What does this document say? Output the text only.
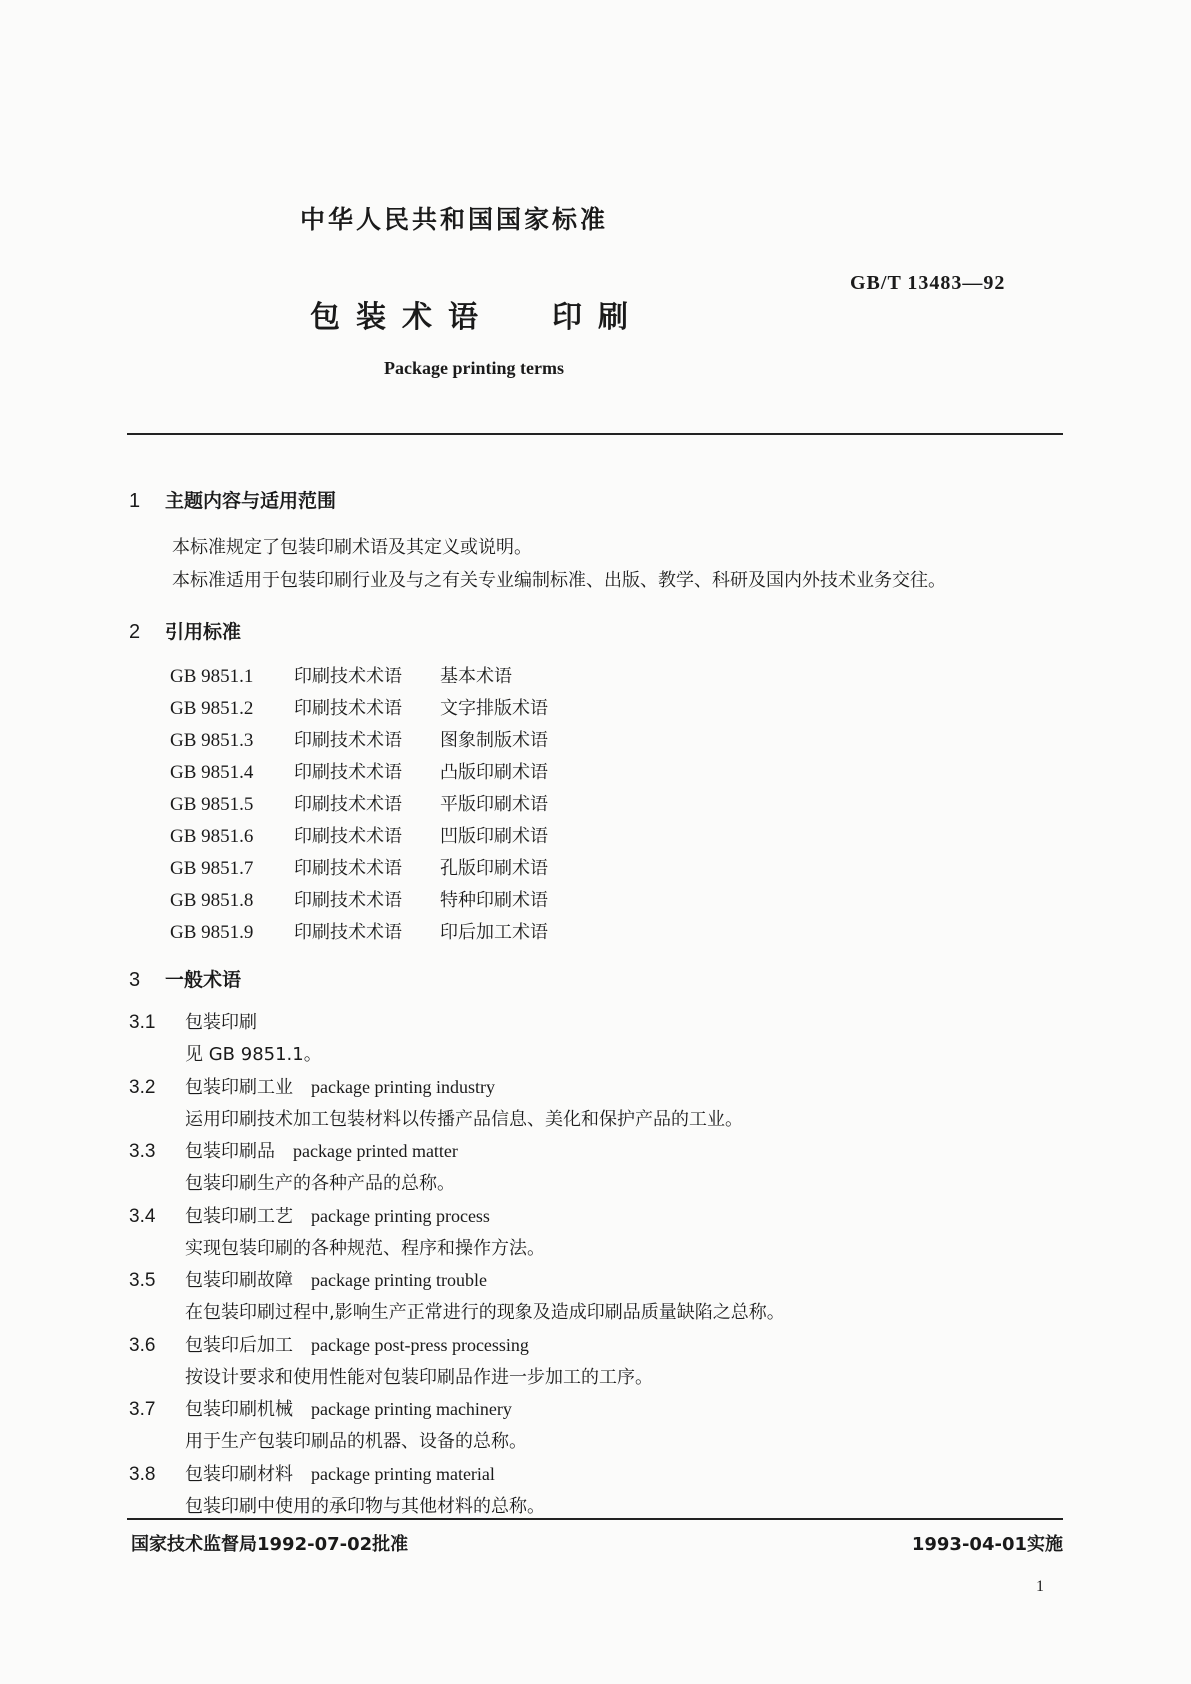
中华人民共和国国家标准
GB/T 13483—92
包装术语 印刷
Package printing terms
1 主题内容与适用范围
本标准规定了包装印刷术语及其定义或说明。
本标准适用于包装印刷行业及与之有关专业编制标准、出版、教学、科研及国内外技术业务交往。
2 引用标准
GB 9851.1 印刷技术术语 基本术语
GB 9851.2 印刷技术术语 文字排版术语
GB 9851.3 印刷技术术语 图象制版术语
GB 9851.4 印刷技术术语 凸版印刷术语
GB 9851.5 印刷技术术语 平版印刷术语
GB 9851.6 印刷技术术语 凹版印刷术语
GB 9851.7 印刷技术术语 孔版印刷术语
GB 9851.8 印刷技术术语 特种印刷术语
GB 9851.9 印刷技术术语 印后加工术语
3 一般术语
3.1 包装印刷
见 GB 9851.1。
3.2 包装印刷工业 package printing industry
运用印刷技术加工包装材料以传播产品信息、美化和保护产品的工业。
3.3 包装印刷品 package printed matter
包装印刷生产的各种产品的总称。
3.4 包装印刷工艺 package printing process
实现包装印刷的各种规范、程序和操作方法。
3.5 包装印刷故障 package printing trouble
在包装印刷过程中,影响生产正常进行的现象及造成印刷品质量缺陷之总称。
3.6 包装印后加工 package post-press processing
按设计要求和使用性能对包装印刷品作进一步加工的工序。
3.7 包装印刷机械 package printing machinery
用于生产包装印刷品的机器、设备的总称。
3.8 包装印刷材料 package printing material
包装印刷中使用的承印物与其他材料的总称。
国家技术监督局1992-07-02批准	1993-04-01实施
1
